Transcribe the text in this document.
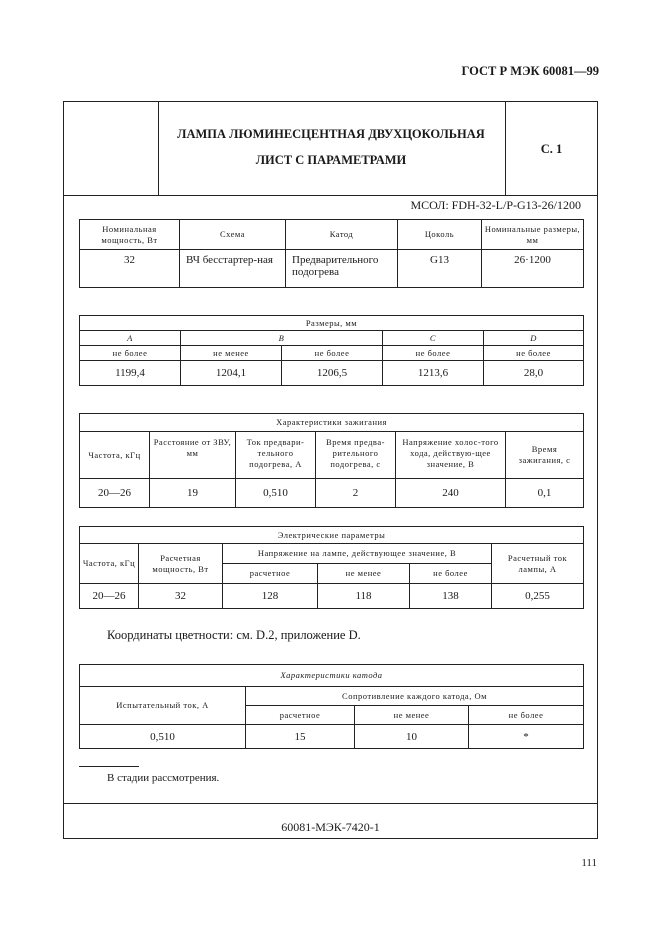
ГОСТ Р МЭК 60081—99
ЛАМПА ЛЮМИНЕСЦЕНТНАЯ ДВУХЦОКОЛЬНАЯ
ЛИСТ С ПАРАМЕТРАМИ
С. 1
МСОЛ: FDH-32-L/P-G13-26/1200
Номинальная мощность, Вт	Схема	Катод	Цоколь	Номинальные размеры, мм
32	ВЧ бесстартер-ная	Предварительного подогрева	G13	26·1200
Размеры, мм				
A	B		C	D
не более	не менее	не более	не более	не более
1199,4	1204,1	1206,5	1213,6	28,0
Характеристики зажигания					
Частота, кГц	Расстояние от ЗВУ, мм	Ток предвари-тельного подогрева, А	Время предва-рительного подогрева, с	Напряжение холос-того хода, действую-щее значение, В	Время зажигания, с
20—26	19	0,510	2	240	0,1
Электрические параметры					
Частота, кГц	Расчетная мощность, Вт	Напряжение на лампе, действующее значение, В			Расчетный ток лампы, А
		расчетное	не менее	не более	
20—26	32	128	118	138	0,255
Координаты цветности: см. D.2, приложение D.
Характеристики катода			
Испытательный ток, А	Сопротивление каждого катода, Ом		
	расчетное	не менее	не более
0,510	15	10	*
В стадии рассмотрения.
60081-МЭК-7420-1
111
